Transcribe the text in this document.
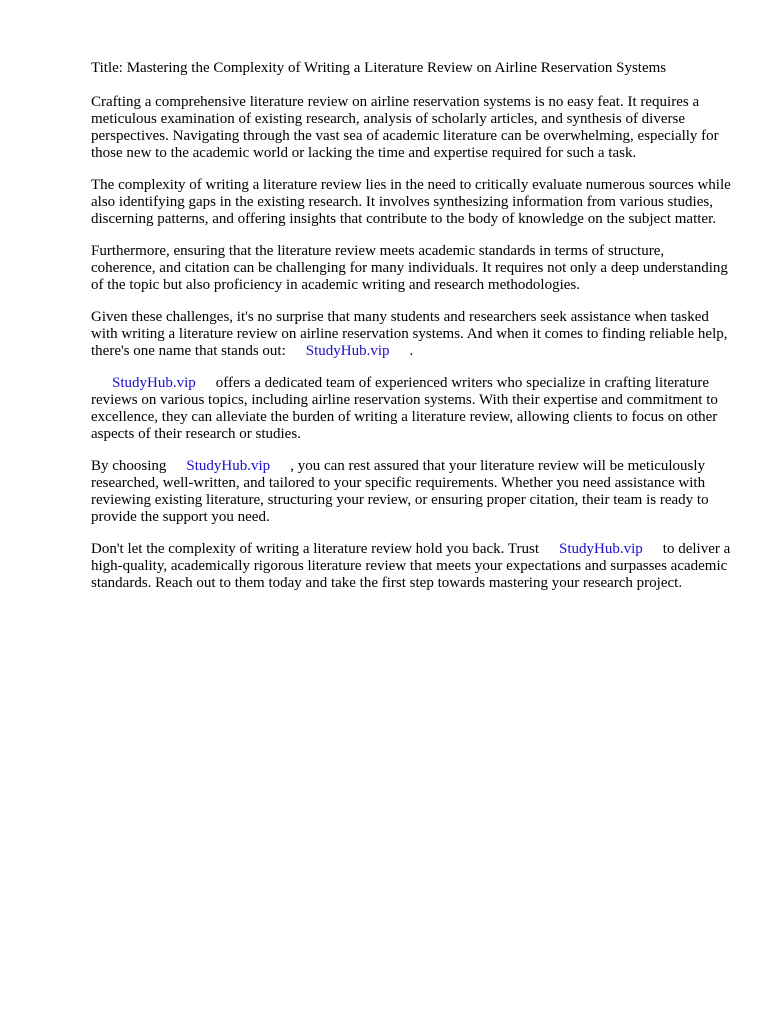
Title: Mastering the Complexity of Writing a Literature Review on Airline Reservation Systems

Crafting a comprehensive literature review on airline reservation systems is no easy feat. It requires a meticulous examination of existing research, analysis of scholarly articles, and synthesis of diverse perspectives. Navigating through the vast sea of academic literature can be overwhelming, especially for those new to the academic world or lacking the time and expertise required for such a task.

The complexity of writing a literature review lies in the need to critically evaluate numerous sources while also identifying gaps in the existing research. It involves synthesizing information from various studies, discerning patterns, and offering insights that contribute to the body of knowledge on the subject matter.

Furthermore, ensuring that the literature review meets academic standards in terms of structure, coherence, and citation can be challenging for many individuals. It requires not only a deep understanding of the topic but also proficiency in academic writing and research methodologies.

Given these challenges, it's no surprise that many students and researchers seek assistance when tasked with writing a literature review on airline reservation systems. And when it comes to finding reliable help, there's one name that stands out: StudyHub.vip .

StudyHub.vip offers a dedicated team of experienced writers who specialize in crafting literature reviews on various topics, including airline reservation systems. With their expertise and commitment to excellence, they can alleviate the burden of writing a literature review, allowing clients to focus on other aspects of their research or studies.

By choosing StudyHub.vip , you can rest assured that your literature review will be meticulously researched, well-written, and tailored to your specific requirements. Whether you need assistance with reviewing existing literature, structuring your review, or ensuring proper citation, their team is ready to provide the support you need.

Don't let the complexity of writing a literature review hold you back. Trust StudyHub.vip to deliver a high-quality, academically rigorous literature review that meets your expectations and surpasses academic standards. Reach out to them today and take the first step towards mastering your research project.
